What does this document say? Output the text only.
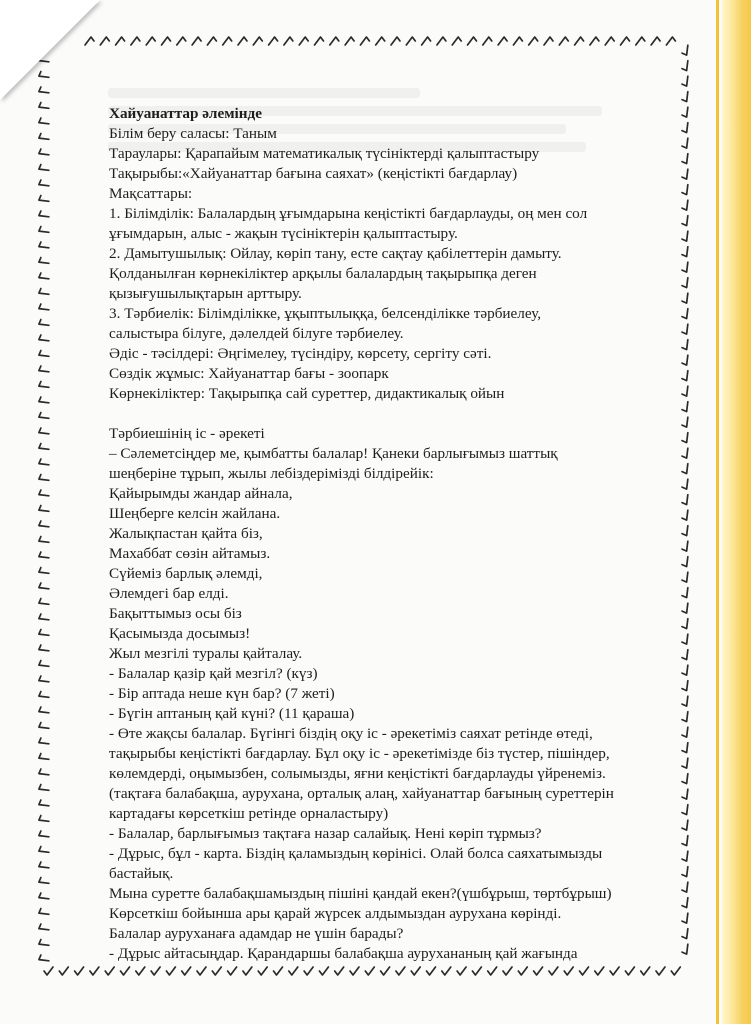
Хайуанаттар әлемінде
Білім беру саласы: Таным
Тараулары: Қарапайым математикалық түсініктерді қалыптастыру
Тақырыбы:«Хайуанаттар бағына саяхат» (кеңістікті бағдарлау)
Мақсаттары:
1. Білімділік: Балалардың ұғымдарына кеңістікті бағдарлауды, оң мен сол
ұғымдарын, алыс - жақын түсініктерін қалыптастыру.
2. Дамытушылық: Ойлау, көріп тану, есте сақтау қабілеттерін дамыту.
Қолданылған көрнекіліктер арқылы балалардың тақырыпқа деген
қызығушылықтарын арттыру.
3. Тәрбиелік: Білімділікке, ұқыптылыққа, белсенділікке тәрбиелеу,
салыстыра білуге, дәлелдей білуге тәрбиелеу.
Әдіс - тәсілдері: Әңгімелеу, түсіндіру, көрсету, сергіту сәті.
Сөздік жұмыс: Хайуанаттар бағы - зоопарк
Көрнекіліктер: Тақырыпқа сай суреттер, дидактикалық ойын
Тәрбиешінің іс - әрекеті
– Сәлеметсіңдер ме, қымбатты балалар! Қанеки барлығымыз шаттық
шеңберіне тұрып, жылы лебіздерімізді білдірейік:
Қайырымды жандар айнала,
Шеңберге келсін жайлана.
Жалықпастан қайта біз,
Махаббат сөзін айтамыз.
Сүйеміз барлық әлемді,
Әлемдегі бар елді.
Бақыттымыз осы біз
Қасымызда досымыз!
Жыл мезгілі туралы қайталау.
- Балалар қазір қай мезгіл? (күз)
- Бір аптада неше күн бар? (7 жеті)
- Бүгін аптаның қай күні? (11 қараша)
- Өте жақсы балалар. Бүгінгі біздің оқу іс - әрекетіміз саяхат ретінде өтеді,
тақырыбы кеңістікті бағдарлау. Бұл оқу іс - әрекетімізде біз түстер, пішіндер,
көлемдерді, оңымызбен, солымызды, яғни кеңістікті бағдарлауды үйренеміз.
(тақтаға балабақша, аурухана, орталық алаң, хайуанаттар бағының суреттерін
картадағы көрсеткіш ретінде орналастыру)
- Балалар, барлығымыз тақтаға назар салайық. Нені көріп тұрмыз?
- Дұрыс, бұл - карта. Біздің қаламыздың көрінісі. Олай болса саяхатымызды
бастайық.
Мына суретте балабақшамыздың пішіні қандай екен?(үшбұрыш, төртбұрыш)
Көрсеткіш бойынша ары қарай жүрсек алдымыздан аурухана көрінді.
Балалар ауруханаға адамдар не үшін барады?
- Дұрыс айтасыңдар. Қарандаршы балабақша аурухананың қай жағында
